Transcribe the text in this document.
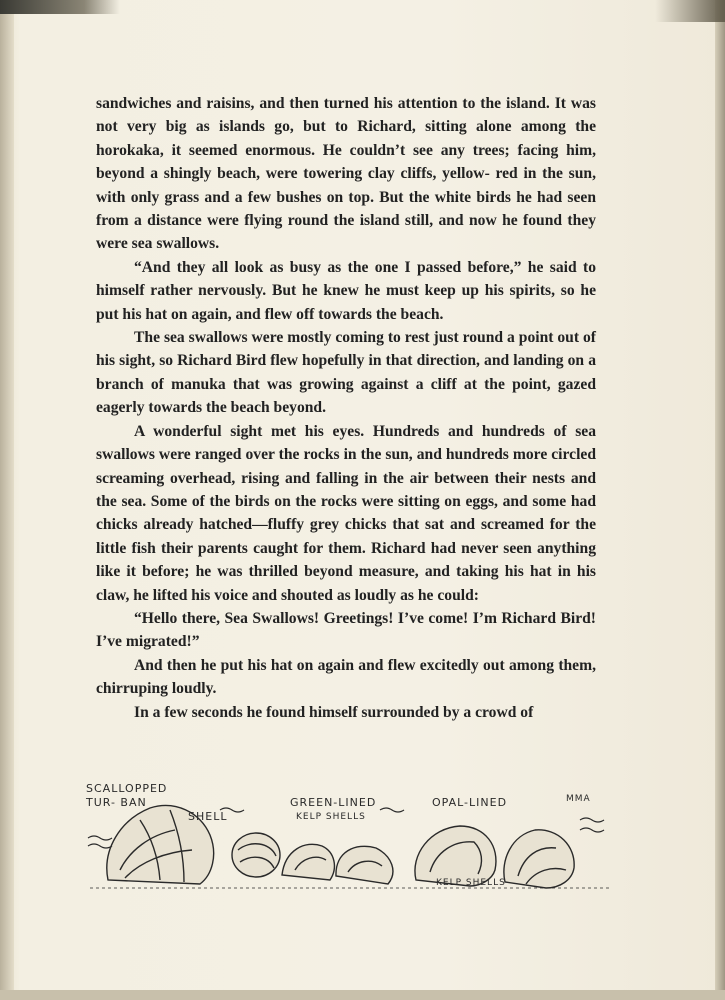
sandwiches and raisins, and then turned his attention to the island. It was not very big as islands go, but to Richard, sitting alone among the horokaka, it seemed enormous. He couldn’t see any trees; facing him, beyond a shingly beach, were towering clay cliffs, yellow- red in the sun, with only grass and a few bushes on top. But the white birds he had seen from a distance were flying round the island still, and now he found they were sea swallows.

“And they all look as busy as the one I passed before,” he said to himself rather nervously. But he knew he must keep up his spirits, so he put his hat on again, and flew off towards the beach.

The sea swallows were mostly coming to rest just round a point out of his sight, so Richard Bird flew hopefully in that direction, and landing on a branch of manuka that was growing against a cliff at the point, gazed eagerly towards the beach beyond.

A wonderful sight met his eyes. Hundreds and hundreds of sea swallows were ranged over the rocks in the sun, and hundreds more circled screaming overhead, rising and falling in the air between their nests and the sea. Some of the birds on the rocks were sitting on eggs, and some had chicks already hatched—fluffy grey chicks that sat and screamed for the little fish their parents caught for them. Richard had never seen anything like it before; he was thrilled beyond measure, and taking his hat in his claw, he lifted his voice and shouted as loudly as he could:

“Hello there, Sea Swallows! Greetings! I’ve come! I’m Richard Bird! I’ve migrated!”

And then he put his hat on again and flew excitedly out among them, chirruping loudly.

In a few seconds he found himself surrounded by a crowd of

SCALLOPPED
TUR- BAN
SHELL
GREEN-LINED
KELP SHELLS
OPAL-LINED
KELP SHELLS
MMA
